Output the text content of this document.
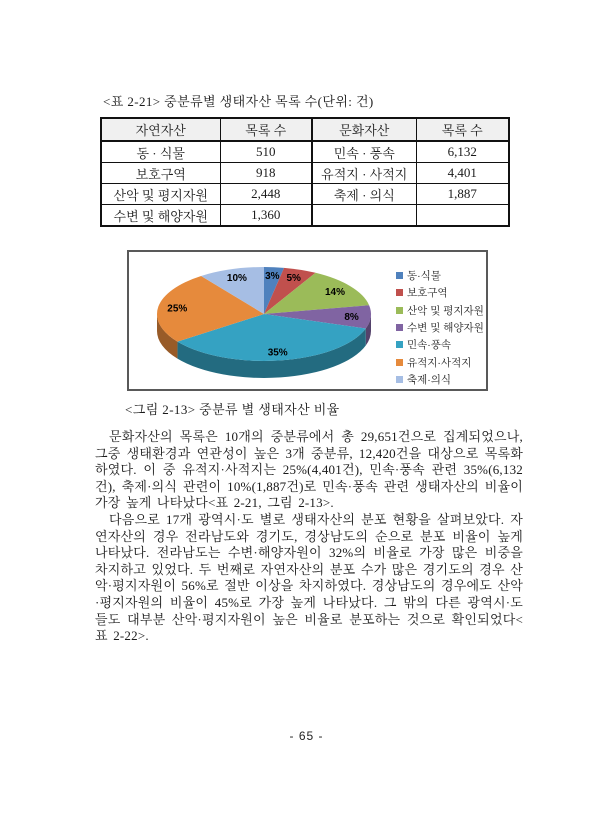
<표 2-21> 중분류별 생태자산 목록 수(단위: 건)
자연자산	목록 수	문화자산	목록 수
동 · 식물	510	민속 · 풍속	6,132
보호구역	918	유적지 · 사적지	4,401
산악 및 평지자원	2,448	축제 · 의식	1,887
수변 및 해양자원	1,360		
3% 5%
14%
8%
35%
25%
10%	동·식물
보호구역
산악 및 평지자원
수변 및 해양자원
민속·풍속
유적지·사적지
축제·의식
<그림 2-13> 중분류 별 생태자산 비율

문화자산의 목록은 10개의 중분류에서 총 29,651건으로 집계되었으나, 그중 생태환경과 연관성이 높은 3개 중분류, 12,420건을 대상으로 목록화하였다. 이 중 유적지·사적지는 25%(4,401건), 민속·풍속 관련 35%(6,132건), 축제·의식 관련이 10%(1,887건)로 민속·풍속 관련 생태자산의 비율이 가장 높게 나타났다<표 2-21, 그림 2-13>.

다음으로 17개 광역시·도 별로 생태자산의 분포 현황을 살펴보았다. 자연자산의 경우 전라남도와 경기도, 경상남도의 순으로 분포 비율이 높게 나타났다. 전라남도는 수변·해양자원이 32%의 비율로 가장 많은 비중을 차지하고 있었다. 두 번째로 자연자산의 분포 수가 많은 경기도의 경우 산악·평지자원이 56%로 절반 이상을 차지하였다. 경상남도의 경우에도 산악·평지자원의 비율이 45%로 가장 높게 나타났다. 그 밖의 다른 광역시·도들도 대부분 산악·평지자원이 높은 비율로 분포하는 것으로 확인되었다<표 2-22>.

- 65 -
